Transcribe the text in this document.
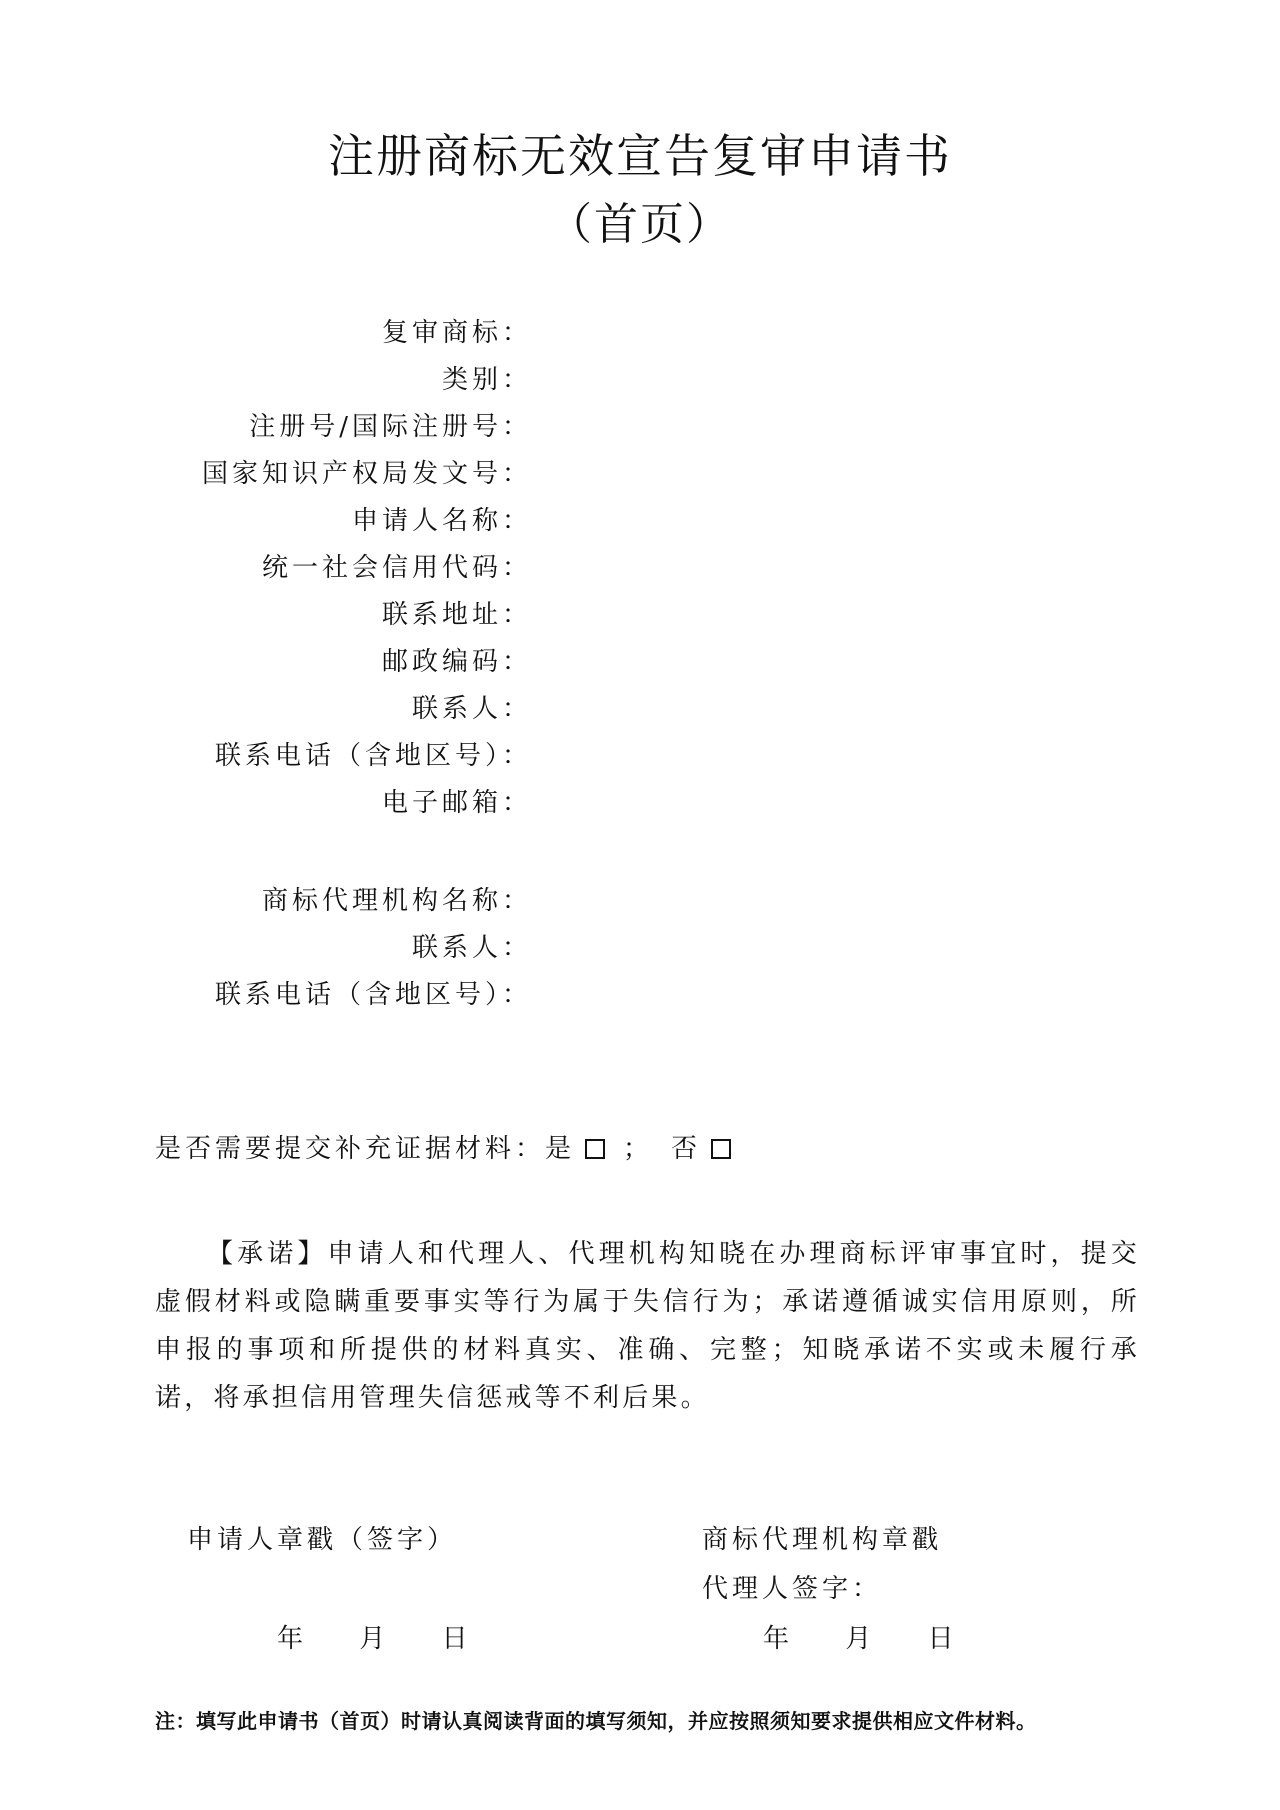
注册商标无效宣告复审申请书
（首页）
复审商标：
类别：
注册号/国际注册号：
国家知识产权局发文号：
申请人名称：
统一社会信用代码：
联系地址：
邮政编码：
联系人：
联系电话（含地区号）：
电子邮箱：
商标代理机构名称：
联系人：
联系电话（含地区号）：
是否需要提交补充证据材料： 是 ； 否
【承诺】申请人和代理人、代理机构知晓在办理商标评审事宜时，提交虚假材料或隐瞒重要事实等行为属于失信行为；承诺遵循诚实信用原则，所申报的事项和所提供的材料真实、准确、完整；知晓承诺不实或未履行承诺，将承担信用管理失信惩戒等不利后果。
申请人章戳（签字）	商标代理机构章戳
代理人签字：
年 月 日	年 月 日
注：填写此申请书（首页）时请认真阅读背面的填写须知，并应按照须知要求提供相应文件材料。
